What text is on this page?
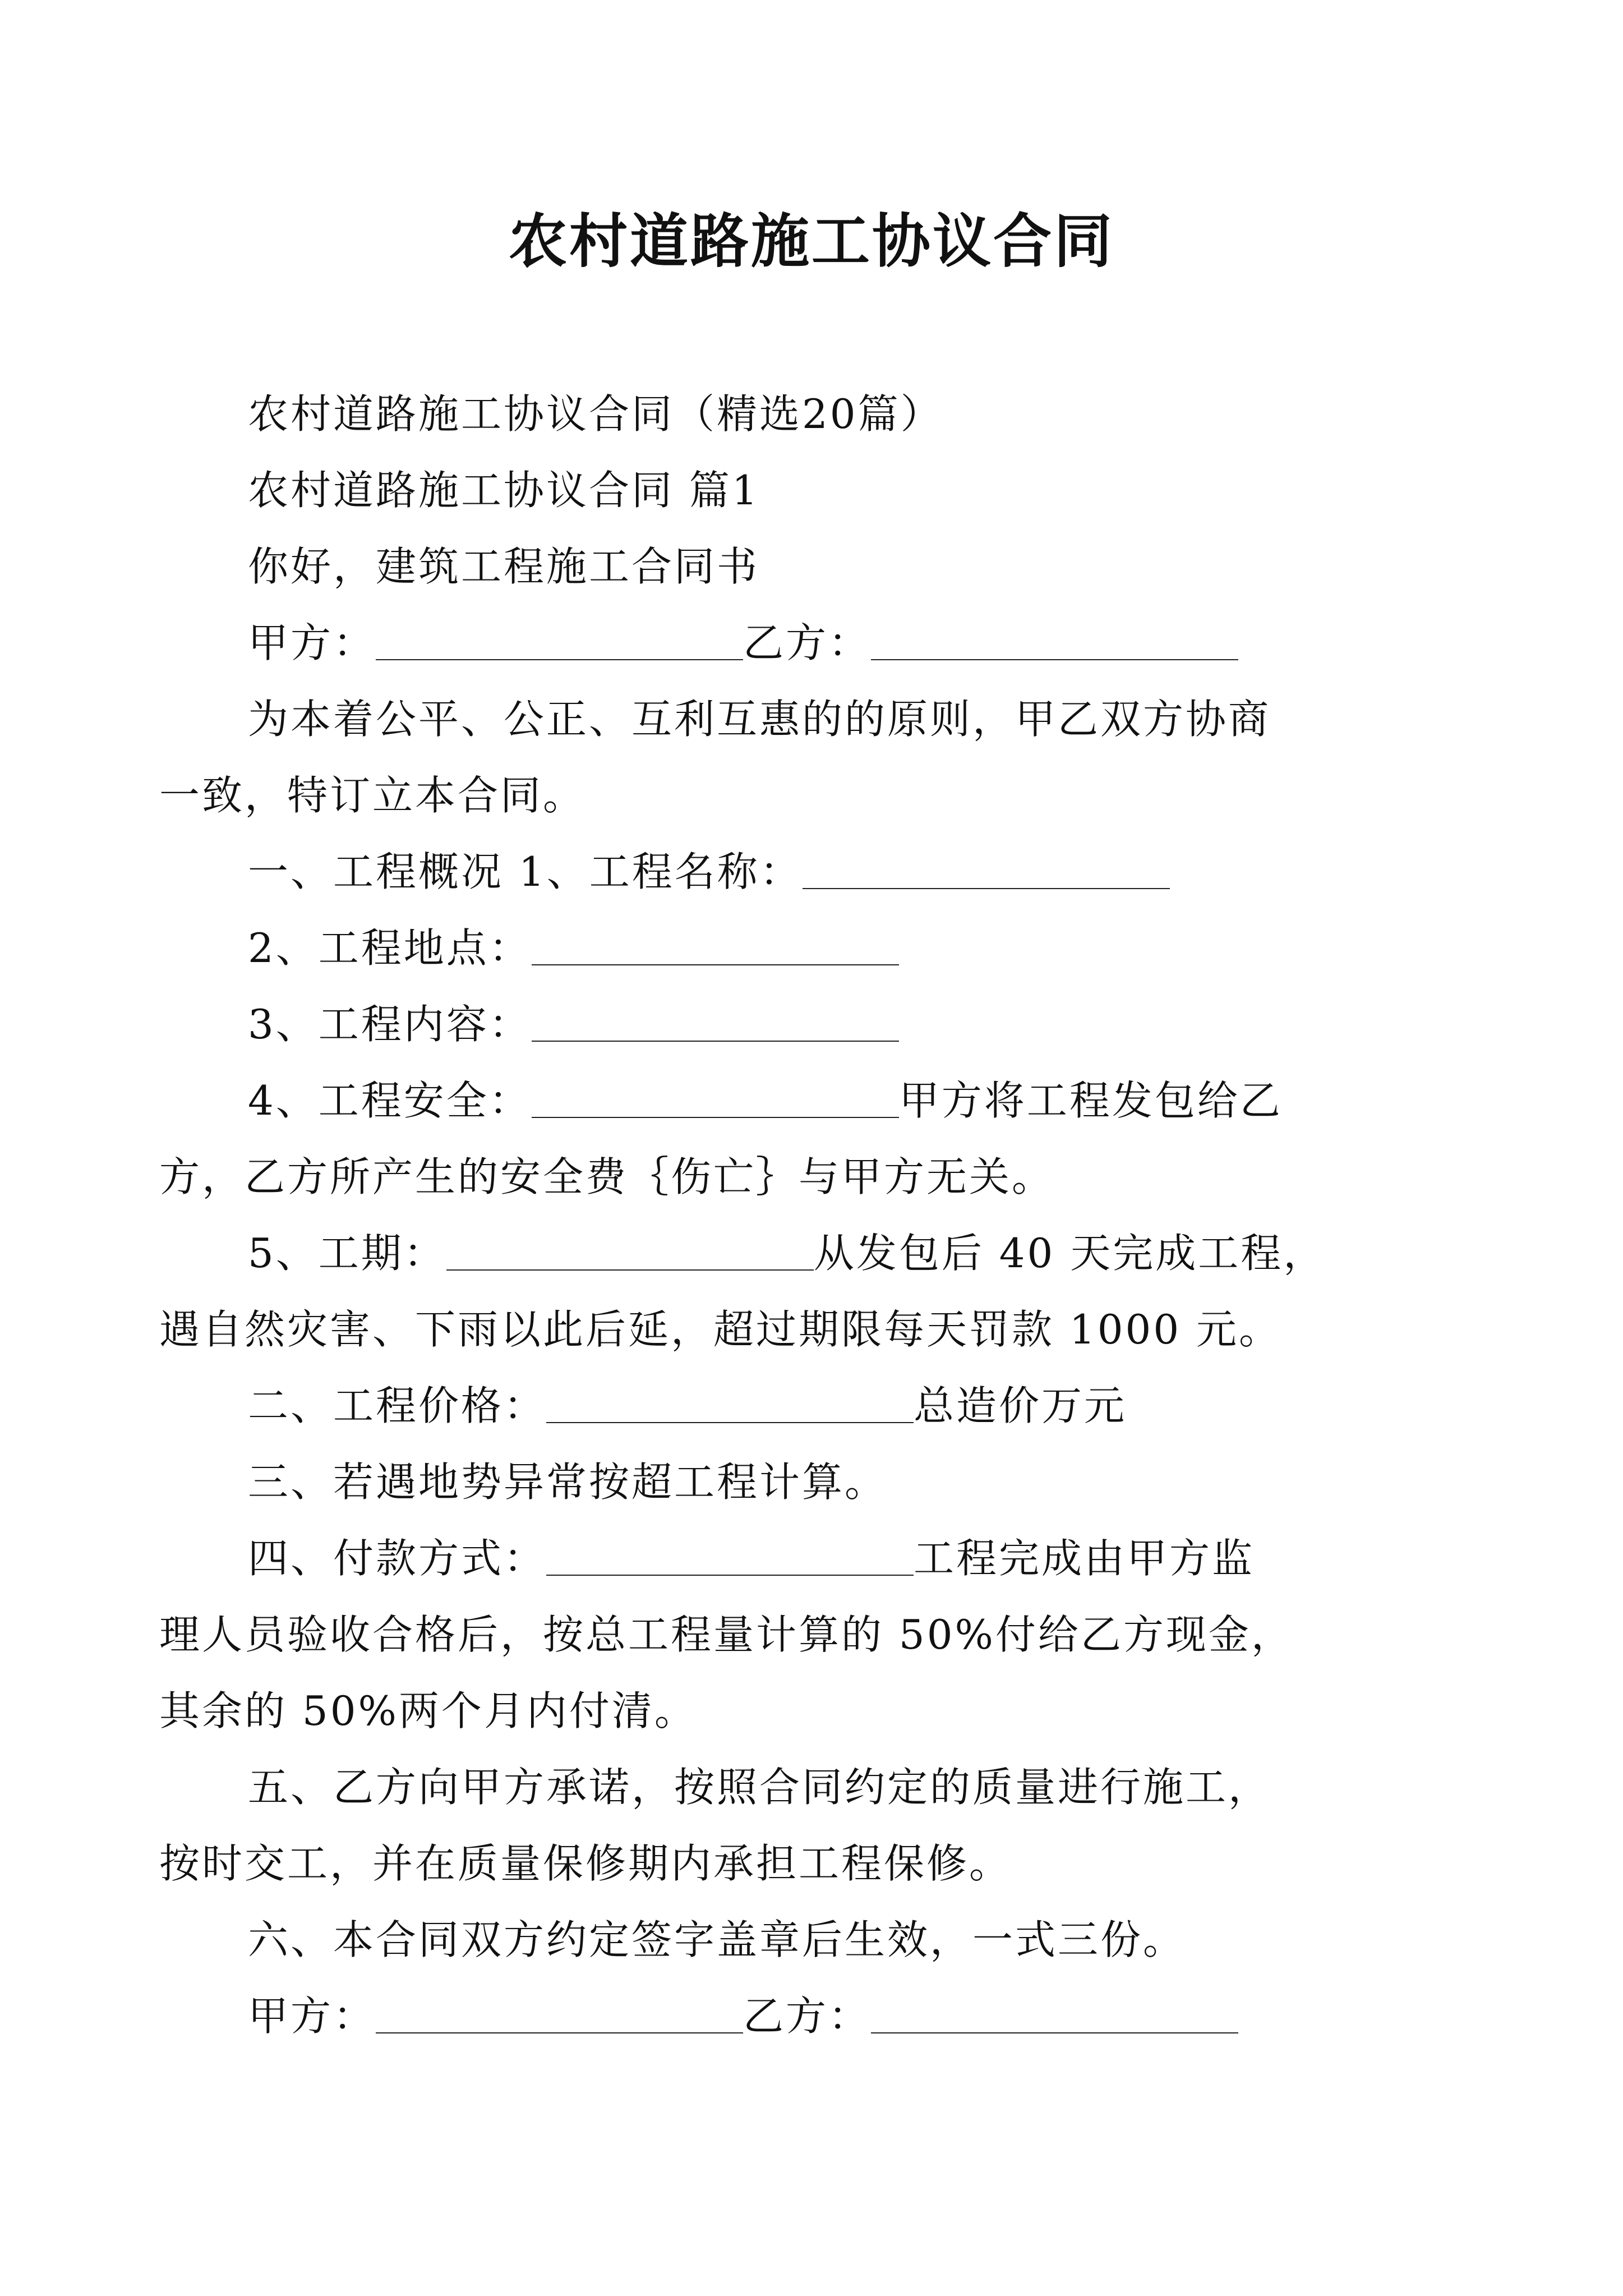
农村道路施工协议合同
农村道路施工协议合同（精选20篇）
农村道路施工协议合同 篇1
你好，建筑工程施工合同书
甲方：	乙方：
为本着公平、公正、互利互惠的的原则，甲乙双方协商
一致，特订立本合同。
一、工程概况 1、工程名称：
2、工程地点：
3、工程内容：
4、工程安全：	甲方将工程发包给乙
方，乙方所产生的安全费｛伤亡｝与甲方无关。
5、工期：	从发包后 40 天完成工程，
遇自然灾害、下雨以此后延，超过期限每天罚款 1000 元。
二、工程价格：	总造价万元
三、若遇地势异常按超工程计算。
四、付款方式：	工程完成由甲方监
理人员验收合格后，按总工程量计算的 50%付给乙方现金，
其余的 50%两个月内付清。
五、乙方向甲方承诺，按照合同约定的质量进行施工，
按时交工，并在质量保修期内承担工程保修。
六、本合同双方约定签字盖章后生效，一式三份。
甲方：	乙方：
